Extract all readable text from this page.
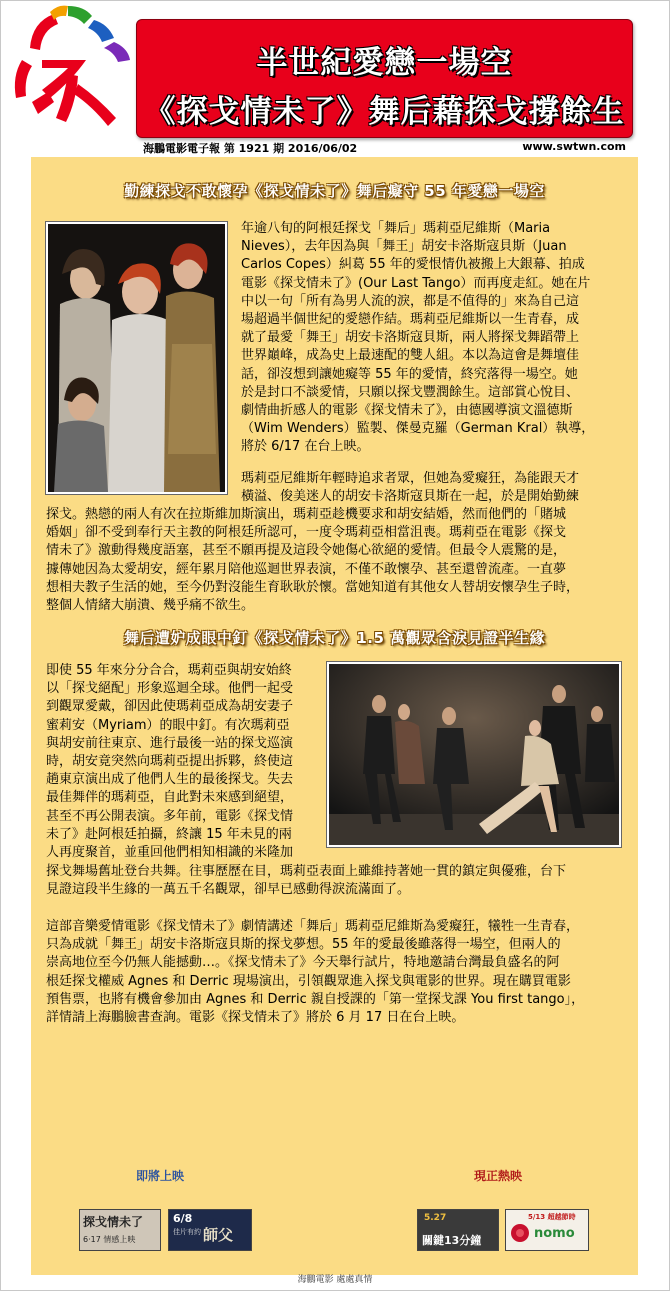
半世紀愛戀一場空
《探戈情未了》舞后藉探戈撐餘生
海鵬電影電子報 第 1921 期 2016/06/02	www.swtwn.com
勤練探戈不敢懷孕《探戈情未了》舞后癡守 55 年愛戀一場空
年逾八旬的阿根廷探戈「舞后」瑪莉亞尼維斯（Maria
Nieves），去年因為與「舞王」胡安卡洛斯寇貝斯（Juan
Carlos Copes）糾葛 55 年的愛恨情仇被搬上大銀幕、拍成
電影《探戈情未了》(Our Last Tango）而再度走紅。她在片
中以一句「所有為男人流的淚，都是不值得的」來為自己這
場超過半個世紀的愛戀作結。瑪莉亞尼維斯以一生青春，成
就了最愛「舞王」胡安卡洛斯寇貝斯，兩人將探戈舞蹈帶上
世界巔峰，成為史上最速配的雙人組。本以為這會是舞壇佳
話，卻沒想到讓她癡等 55 年的愛情，終究落得一場空。她
於是封口不談愛情，只願以探戈豐潤餘生。這部賞心悅目、
劇情曲折感人的電影《探戈情未了》，由德國導演文溫德斯
（Wim Wenders）監製、傑曼克羅（German Kral）執導，
將於 6/17 在台上映。
瑪莉亞尼維斯年輕時追求者眾，但她為愛癡狂，為能跟天才
橫溢、俊美迷人的胡安卡洛斯寇貝斯在一起，於是開始勤練
探戈。熱戀的兩人有次在拉斯維加斯演出，瑪莉亞趁機要求和胡安結婚，然而他們的「賭城
婚姻」卻不受到奉行天主教的阿根廷所認可，一度令瑪莉亞相當沮喪。瑪莉亞在電影《探戈
情未了》激動得幾度語塞，甚至不願再提及這段令她傷心欲絕的愛情。但最令人震驚的是，
據傳她因為太愛胡安，經年累月陪他巡迴世界表演，不僅不敢懷孕、甚至還曾流產。一直夢
想相夫教子生活的她，至今仍對沒能生育耿耿於懷。當她知道有其他女人替胡安懷孕生子時，
整個人情緒大崩潰、幾乎痛不欲生。
舞后遭妒成眼中釘《探戈情未了》1.5 萬觀眾含淚見證半生緣
即使 55 年來分分合合，瑪莉亞與胡安始終
以「探戈絕配」形象巡迴全球。他們一起受
到觀眾愛戴，卻因此使瑪莉亞成為胡安妻子
蜜莉安（Myriam）的眼中釘。有次瑪莉亞
與胡安前往東京、進行最後一站的探戈巡演
時，胡安竟突然向瑪莉亞提出拆夥，終使這
趟東京演出成了他們人生的最後探戈。失去
最佳舞伴的瑪莉亞，自此對未來感到絕望，
甚至不再公開表演。多年前，電影《探戈情
未了》赴阿根廷拍攝，終讓 15 年未見的兩
人再度聚首，並重回他們相知相識的米隆加
探戈舞場舊址登台共舞。往事歷歷在目，瑪莉亞表面上雖維持著她一貫的鎮定與優雅，台下
見證這段半生緣的一萬五千名觀眾，卻早已感動得淚流滿面了。
這部音樂愛情電影《探戈情未了》劇情講述「舞后」瑪莉亞尼維斯為愛癡狂，犧牲一生青春，
只為成就「舞王」胡安卡洛斯寇貝斯的探戈夢想。55 年的愛最後雖落得一場空，但兩人的
崇高地位至今仍無人能撼動…。《探戈情未了》今天舉行試片，特地邀請台灣最負盛名的阿
根廷探戈權威 Agnes 和 Derric 現場演出，引領觀眾進入探戈與電影的世界。現在購買電影
預售票，也將有機會參加由 Agnes 和 Derric 親自授課的「第一堂探戈課 You first tango」，
詳情請上海鵬臉書查詢。電影《探戈情未了》將於 6 月 17 日在台上映。
即將上映	現正熱映
探戈情未了
6·17 情感上映
6/8
佳片有約 師父
5.27
關鍵13分鐘
5/13 超越節時
nomo
海鵬電影 處處真情
